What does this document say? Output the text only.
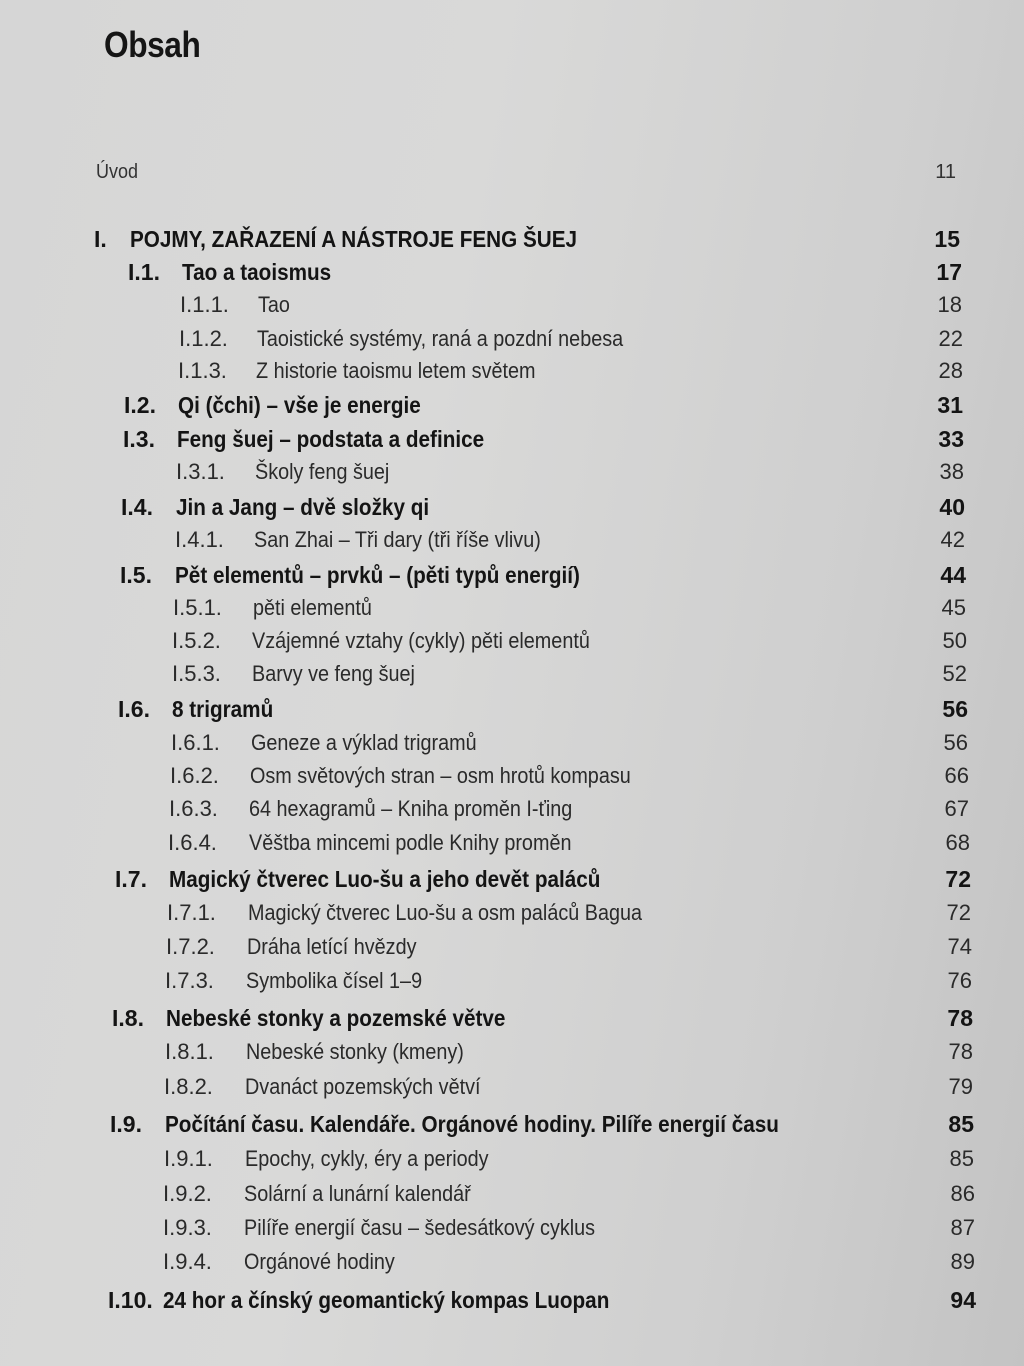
Obsah
Úvod	11
I. POJMY, ZAŘAZENÍ A NÁSTROJE FENG ŠUEJ	15
I.1. Tao a taoismus	17
I.1.1. Tao	18
I.1.2. Taoistické systémy, raná a pozdní nebesa	22
I.1.3. Z historie taoismu letem světem	28
I.2. Qi (čchi) – vše je energie	31
I.3. Feng šuej – podstata a definice	33
I.3.1. Školy feng šuej	38
I.4. Jin a Jang – dvě složky qi	40
I.4.1. San Zhai – Tři dary (tři říše vlivu)	42
I.5. Pět elementů – prvků – (pěti typů energií)	44
I.5.1. pěti elementů	45
I.5.2. Vzájemné vztahy (cykly) pěti elementů	50
I.5.3. Barvy ve feng šuej	52
I.6. 8 trigramů	56
I.6.1. Geneze a výklad trigramů	56
I.6.2. Osm světových stran – osm hrotů kompasu	66
I.6.3. 64 hexagramů – Kniha proměn I-ťing	67
I.6.4. Věštba mincemi podle Knihy proměn	68
I.7. Magický čtverec Luo-šu a jeho devět paláců	72
I.7.1. Magický čtverec Luo-šu a osm paláců Bagua	72
I.7.2. Dráha letící hvězdy	74
I.7.3. Symbolika čísel 1–9	76
I.8. Nebeské stonky a pozemské větve	78
I.8.1. Nebeské stonky (kmeny)	78
I.8.2. Dvanáct pozemských větví	79
I.9. Počítání času. Kalendáře. Orgánové hodiny. Pilíře energií času	85
I.9.1. Epochy, cykly, éry a periody	85
I.9.2. Solární a lunární kalendář	86
I.9.3. Pilíře energií času – šedesátkový cyklus	87
I.9.4. Orgánové hodiny	89
I.10. 24 hor a čínský geomantický kompas Luopan	94
